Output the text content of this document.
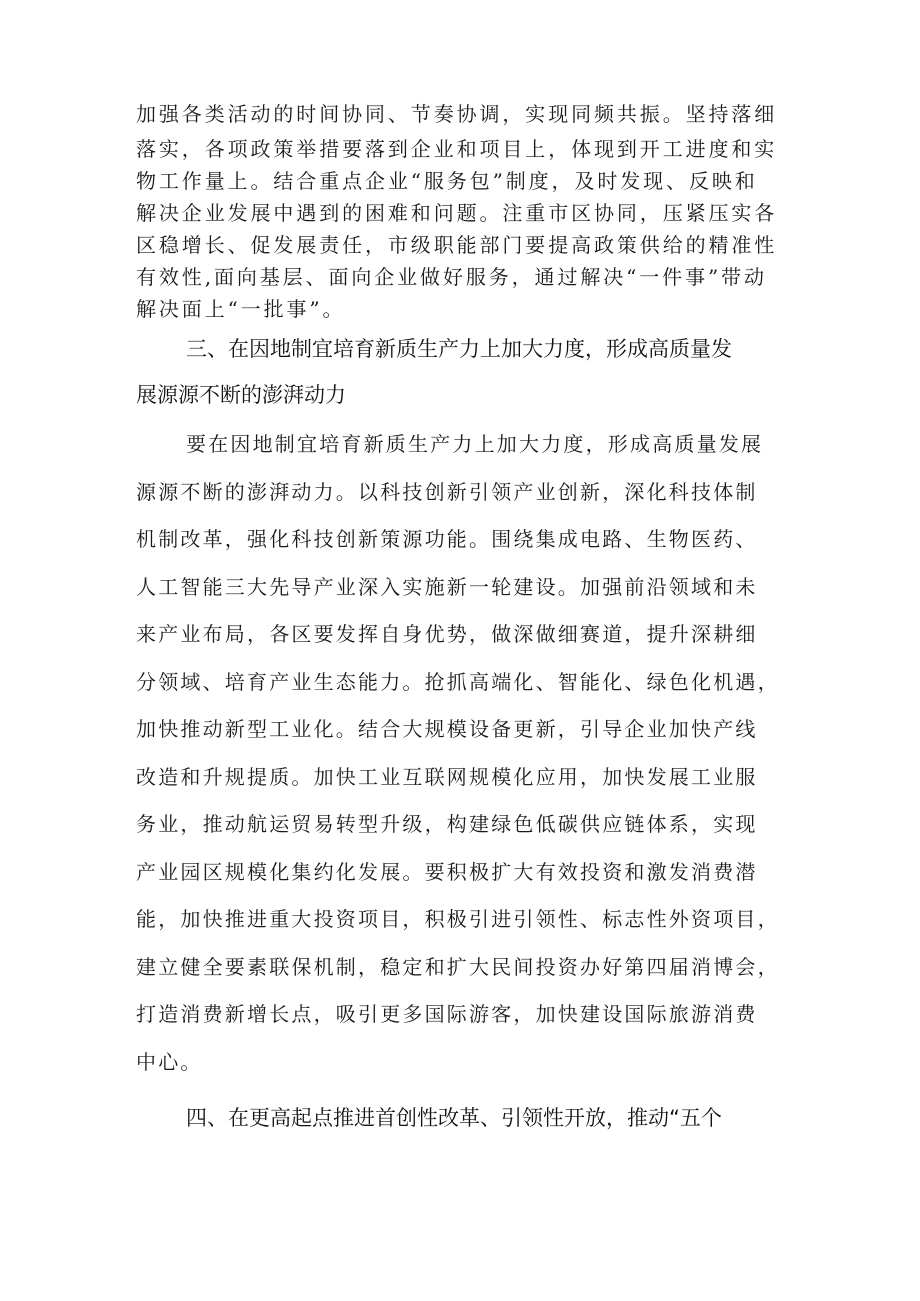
加强各类活动的时间协同、节奏协调，实现同频共振。坚持落细

落实，各项政策举措要落到企业和项目上，体现到开工进度和实

物工作量上。结合重点企业“服务包”制度，及时发现、反映和

解决企业发展中遇到的困难和问题。注重市区协同，压紧压实各

区稳增长、促发展责任，市级职能部门要提高政策供给的精准性

有效性,面向基层、面向企业做好服务，通过解决“一件事”带动

解决面上“一批事”。

三、在因地制宜培育新质生产力上加大力度，形成高质量发

展源源不断的澎湃动力

要在因地制宜培育新质生产力上加大力度，形成高质量发展

源源不断的澎湃动力。以科技创新引领产业创新，深化科技体制

机制改革，强化科技创新策源功能。围绕集成电路、生物医药、

人工智能三大先导产业深入实施新一轮建设。加强前沿领域和未

来产业布局，各区要发挥自身优势，做深做细赛道，提升深耕细

分领域、培育产业生态能力。抢抓高端化、智能化、绿色化机遇，

加快推动新型工业化。结合大规模设备更新，引导企业加快产线

改造和升规提质。加快工业互联网规模化应用，加快发展工业服

务业，推动航运贸易转型升级，构建绿色低碳供应链体系，实现

产业园区规模化集约化发展。要积极扩大有效投资和激发消费潜

能，加快推进重大投资项目，积极引进引领性、标志性外资项目，

建立健全要素联保机制，稳定和扩大民间投资办好第四届消博会，

打造消费新增长点，吸引更多国际游客，加快建设国际旅游消费

中心。

四、在更高起点推进首创性改革、引领性开放，推动“五个
